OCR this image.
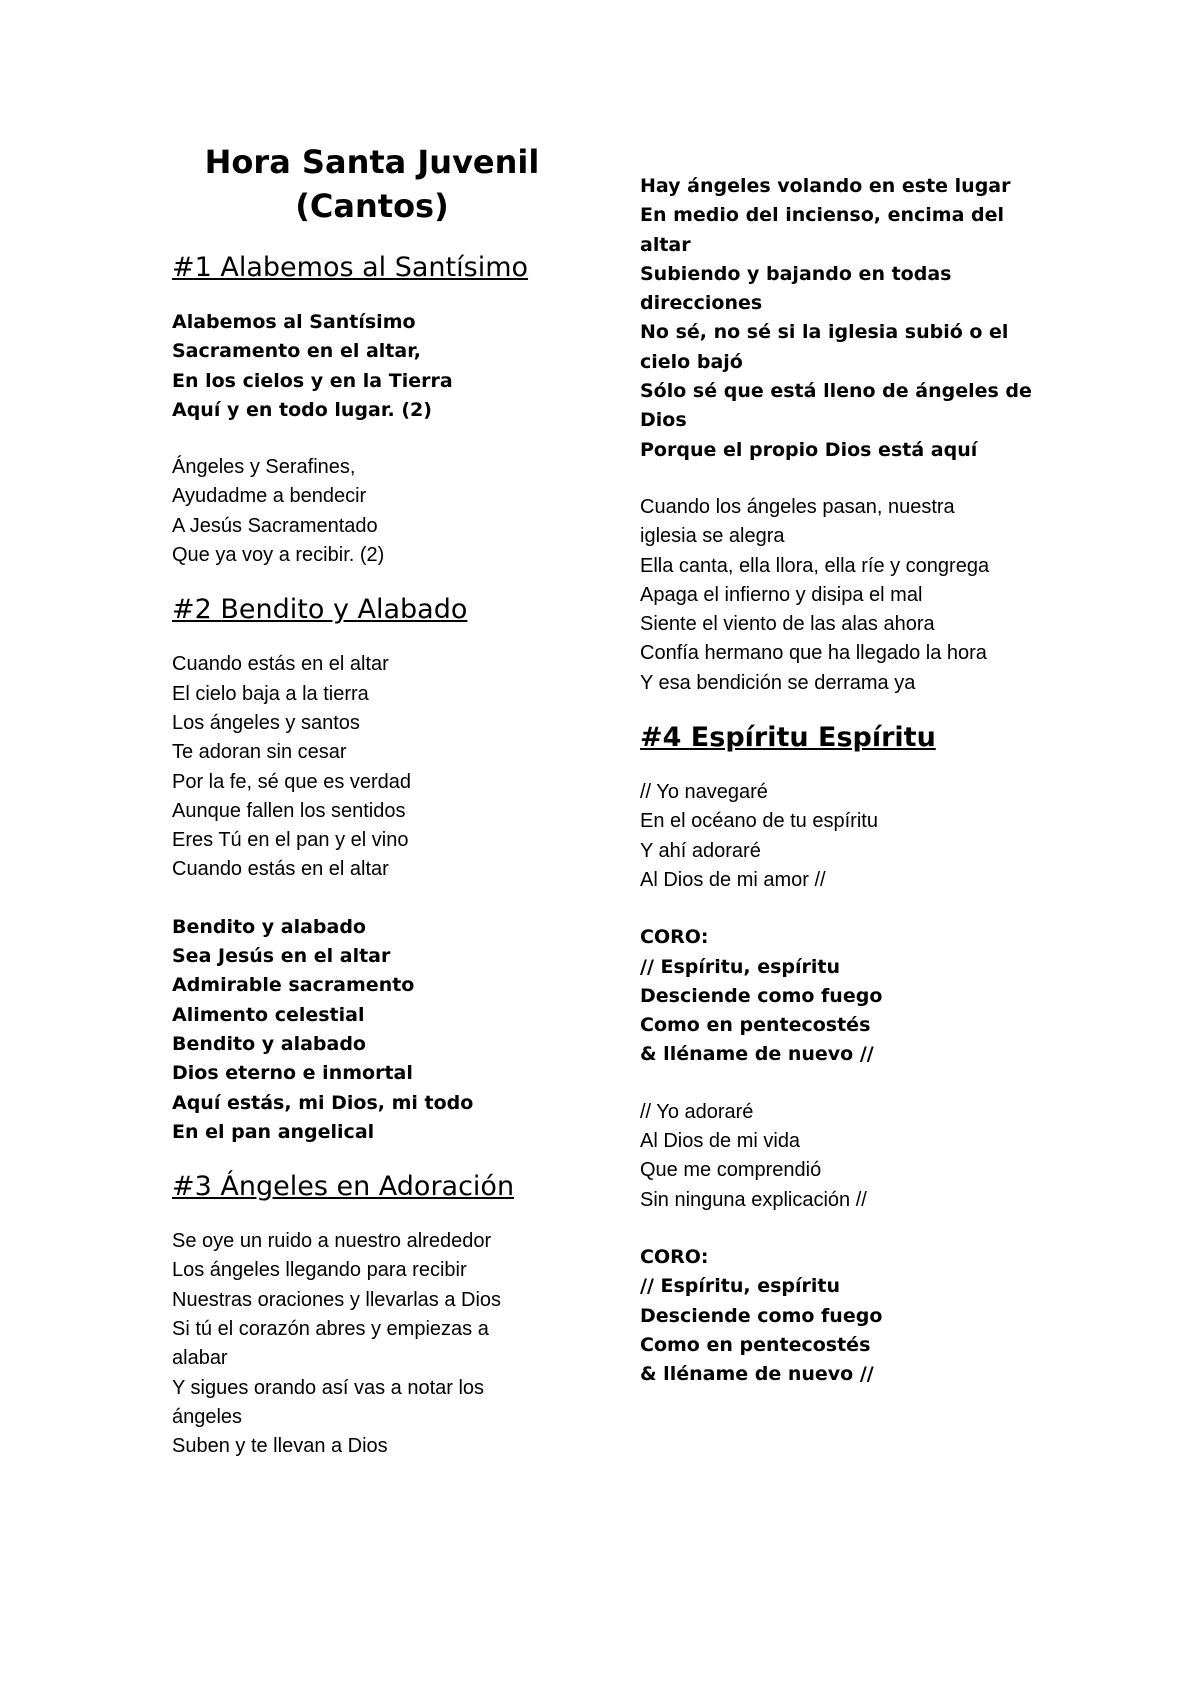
Hora Santa Juvenil
(Cantos)
#1 Alabemos al Santísimo
Alabemos al Santísimo
Sacramento en el altar,
En los cielos y en la Tierra
Aquí y en todo lugar. (2)
Ángeles y Serafines,
Ayudadme a bendecir
A Jesús Sacramentado
Que ya voy a recibir. (2)
#2 Bendito y Alabado
Cuando estás en el altar
El cielo baja a la tierra
Los ángeles y santos
Te adoran sin cesar
Por la fe, sé que es verdad
Aunque fallen los sentidos
Eres Tú en el pan y el vino
Cuando estás en el altar
Bendito y alabado
Sea Jesús en el altar
Admirable sacramento
Alimento celestial
Bendito y alabado
Dios eterno e inmortal
Aquí estás, mi Dios, mi todo
En el pan angelical
#3 Ángeles en Adoración
Se oye un ruido a nuestro alrededor
Los ángeles llegando para recibir
Nuestras oraciones y llevarlas a Dios
Si tú el corazón abres y empiezas a
alabar
Y sigues orando así vas a notar los
ángeles
Suben y te llevan a Dios
Hay ángeles volando en este lugar
En medio del incienso, encima del
altar
Subiendo y bajando en todas
direcciones
No sé, no sé si la iglesia subió o el
cielo bajó
Sólo sé que está lleno de ángeles de
Dios
Porque el propio Dios está aquí
Cuando los ángeles pasan, nuestra
iglesia se alegra
Ella canta, ella llora, ella ríe y congrega
Apaga el infierno y disipa el mal
Siente el viento de las alas ahora
Confía hermano que ha llegado la hora
Y esa bendición se derrama ya
#4 Espíritu Espíritu
// Yo navegaré
En el océano de tu espíritu
Y ahí adoraré
Al Dios de mi amor //
CORO:
// Espíritu, espíritu
Desciende como fuego
Como en pentecostés
& lléname de nuevo //
// Yo adoraré
Al Dios de mi vida
Que me comprendió
Sin ninguna explicación //
CORO:
// Espíritu, espíritu
Desciende como fuego
Como en pentecostés
& lléname de nuevo //
